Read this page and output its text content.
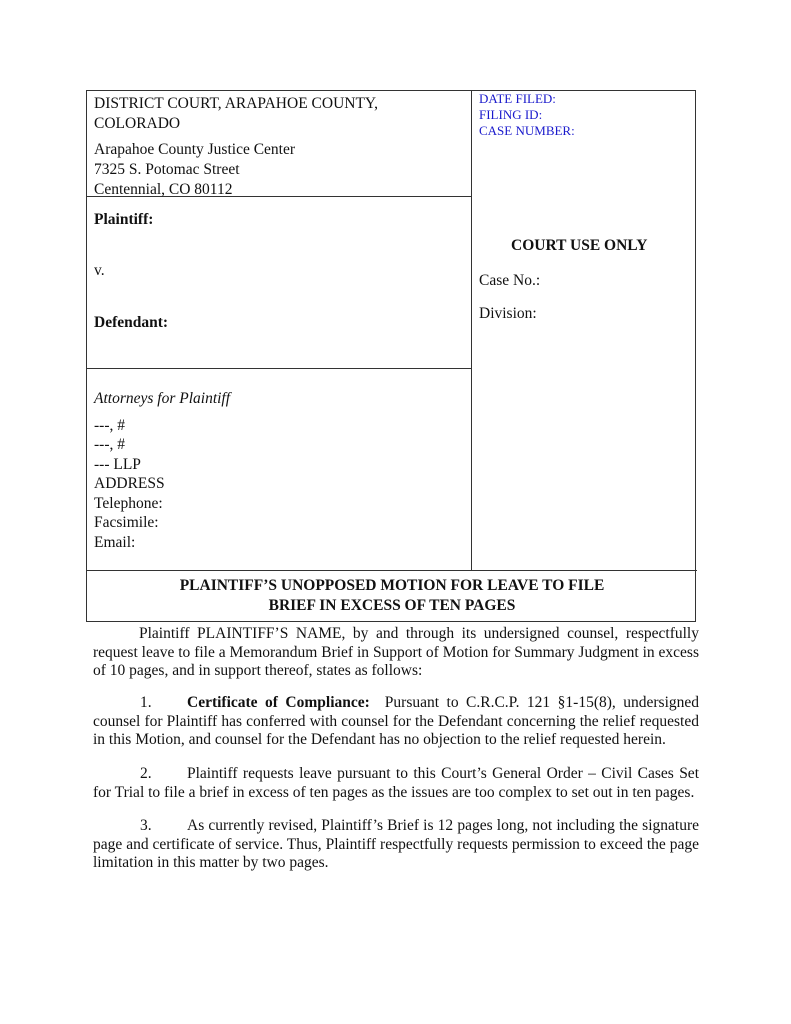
DISTRICT COURT, ARAPAHOE COUNTY,
COLORADO
Arapahoe County Justice Center
7325 S. Potomac Street
Centennial, CO 80112
DATE FILED:
FILING ID:
CASE NUMBER:
Plaintiff:
v.
Defendant:
COURT USE ONLY
Case No.:
Division:
Attorneys for Plaintiff
---, #
---, #
--- LLP
ADDRESS
Telephone:
Facsimile:
Email:
PLAINTIFF’S UNOPPOSED MOTION FOR LEAVE TO FILE
BRIEF IN EXCESS OF TEN PAGES
Plaintiff PLAINTIFF’S NAME, by and through its undersigned counsel, respectfully request leave to file a Memorandum Brief in Support of Motion for Summary Judgment in excess of 10 pages, and in support thereof, states as follows:
1. Certificate of Compliance: Pursuant to C.R.C.P. 121 §1-15(8), undersigned counsel for Plaintiff has conferred with counsel for the Defendant concerning the relief requested in this Motion, and counsel for the Defendant has no objection to the relief requested herein.
2. Plaintiff requests leave pursuant to this Court’s General Order – Civil Cases Set for Trial to file a brief in excess of ten pages as the issues are too complex to set out in ten pages.
3. As currently revised, Plaintiff’s Brief is 12 pages long, not including the signature page and certificate of service. Thus, Plaintiff respectfully requests permission to exceed the page limitation in this matter by two pages.
